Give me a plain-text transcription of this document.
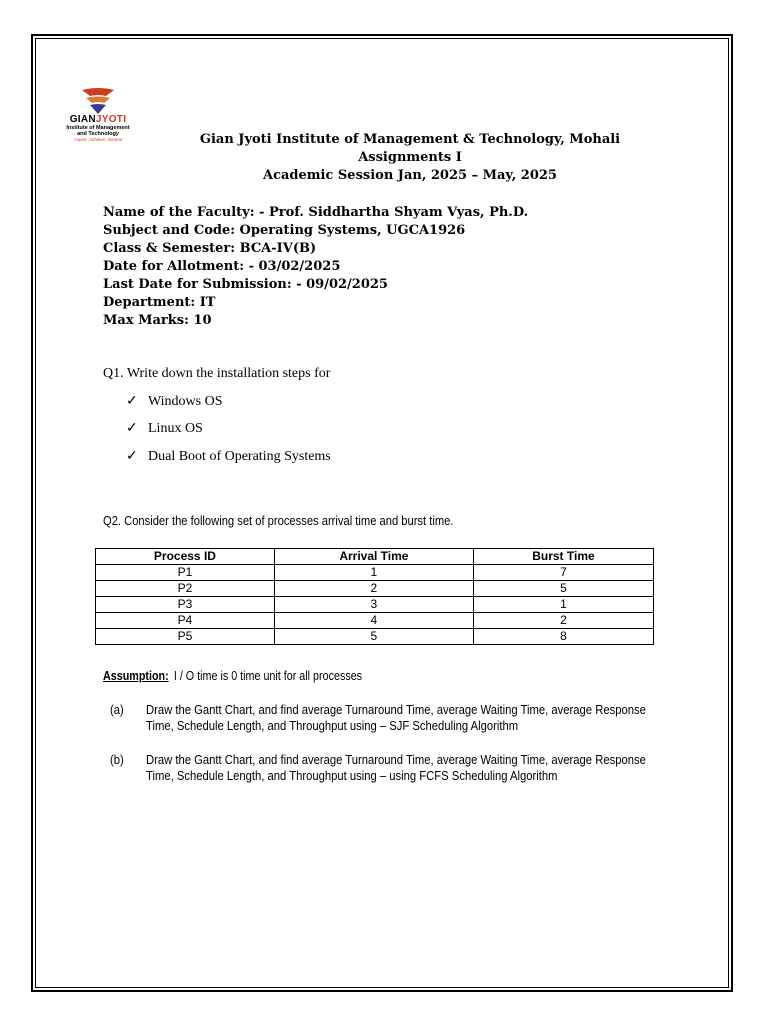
GIANJYOTI
Institute of Management
and Technology
Aspire, Achieve, Ascend	Gian Jyoti Institute of Management & Technology, Mohali
Assignments I
Academic Session Jan, 2025 – May, 2025
Name of the Faculty: - Prof. Siddhartha Shyam Vyas, Ph.D.
Subject and Code: Operating Systems, UGCA1926
Class & Semester: BCA-IV(B)
Date for Allotment: - 03/02/2025
Last Date for Submission: - 09/02/2025
Department: IT
Max Marks: 10
Q1. Write down the installation steps for
✓ Windows OS
✓ Linux OS
✓ Dual Boot of Operating Systems
Q2. Consider the following set of processes arrival time and burst time.
Process ID	Arrival Time	Burst Time
P1	1	7
P2	2	5
P3	3	1
P4	4	2
P5	5	8
Assumption: I / O time is 0 time unit for all processes
(a) Draw the Gantt Chart, and find average Turnaround Time, average Waiting Time, average Response
Time, Schedule Length, and Throughput using – SJF Scheduling Algorithm
(b) Draw the Gantt Chart, and find average Turnaround Time, average Waiting Time, average Response
Time, Schedule Length, and Throughput using – using FCFS Scheduling Algorithm
